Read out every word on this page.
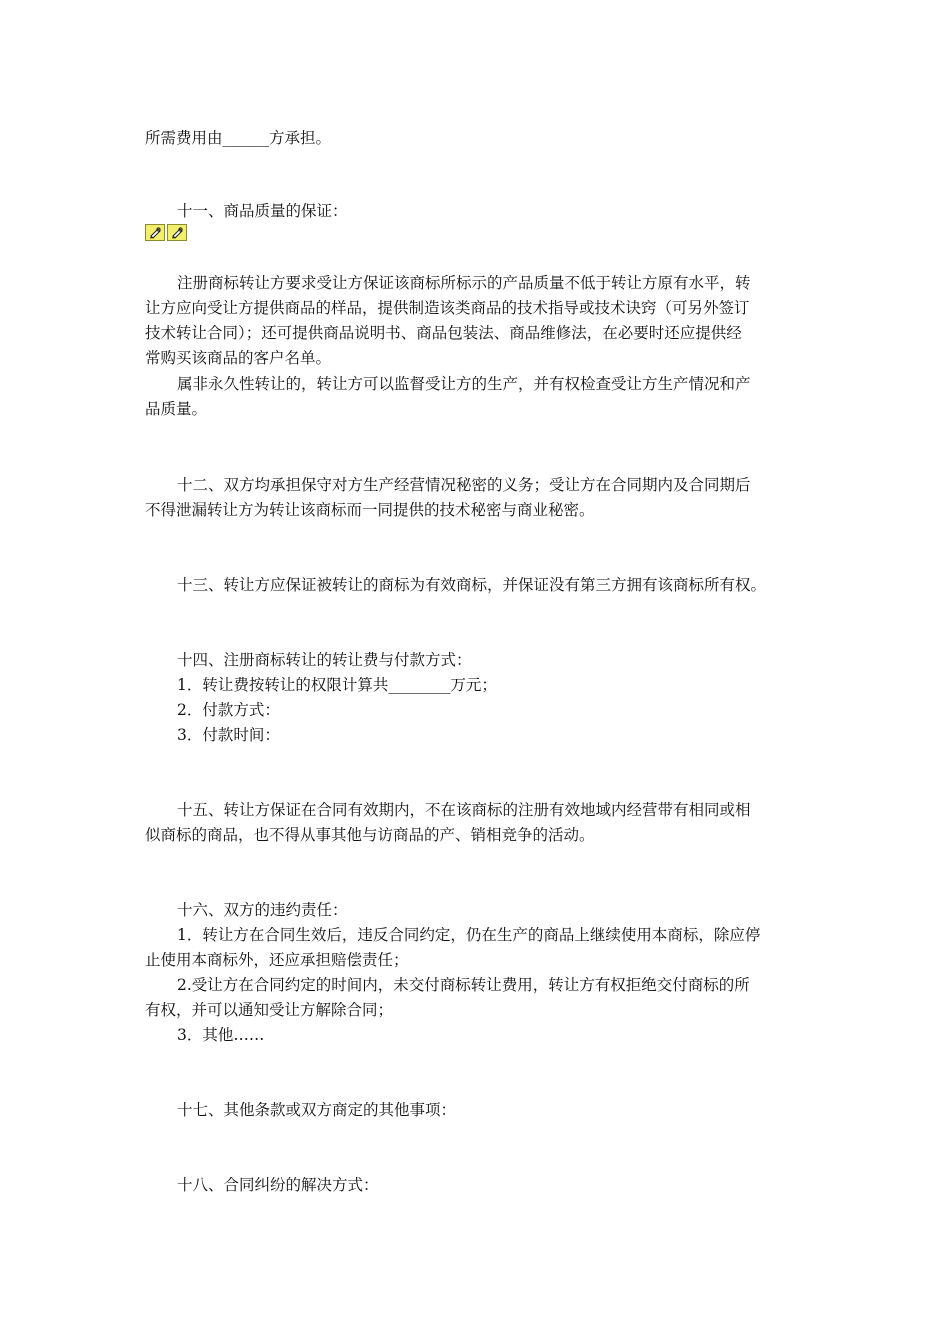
所需费用由______方承担。
十一、商品质量的保证：
注册商标转让方要求受让方保证该商标所标示的产品质量不低于转让方原有水平，转
让方应向受让方提供商品的样品，提供制造该类商品的技术指导或技术诀窍（可另外签订
技术转让合同）；还可提供商品说明书、商品包装法、商品维修法，在必要时还应提供经
常购买该商品的客户名单。
属非永久性转让的，转让方可以监督受让方的生产，并有权检查受让方生产情况和产
品质量。
十二、双方均承担保守对方生产经营情况秘密的义务；受让方在合同期内及合同期后
不得泄漏转让方为转让该商标而一同提供的技术秘密与商业秘密。
十三、转让方应保证被转让的商标为有效商标，并保证没有第三方拥有该商标所有权。
十四、注册商标转让的转让费与付款方式：
1．转让费按转让的权限计算共________万元；
2．付款方式：
3．付款时间：
十五、转让方保证在合同有效期内，不在该商标的注册有效地域内经营带有相同或相
似商标的商品，也不得从事其他与访商品的产、销相竞争的活动。
十六、双方的违约责任：
1．转让方在合同生效后，违反合同约定，仍在生产的商品上继续使用本商标，除应停
止使用本商标外，还应承担赔偿责任；
2.受让方在合同约定的时间内，未交付商标转让费用，转让方有权拒绝交付商标的所
有权，并可以通知受让方解除合同；
3．其他……
十七、其他条款或双方商定的其他事项：
十八、合同纠纷的解决方式：
